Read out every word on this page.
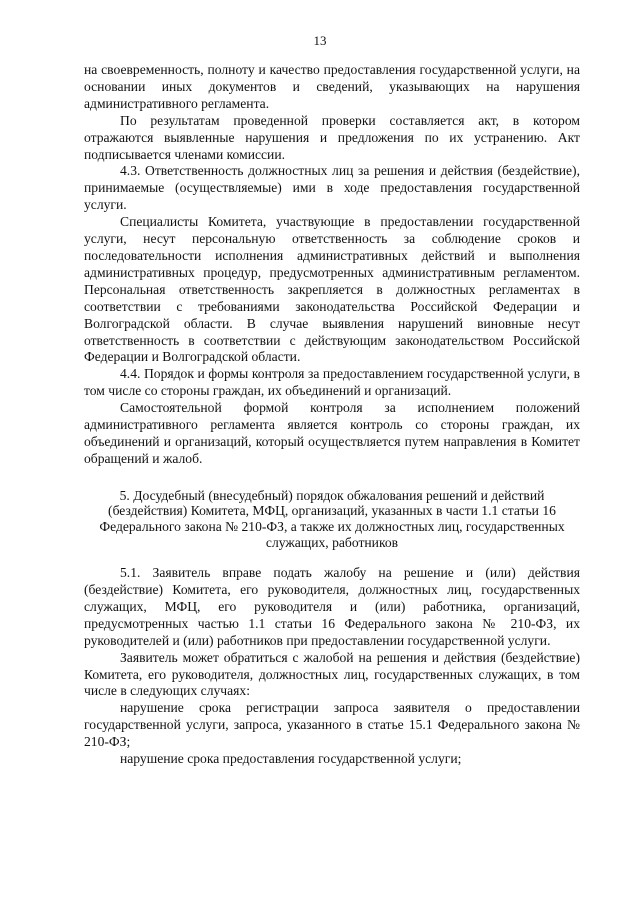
13

на своевременность, полноту и качество предоставления государственной услуги, на основании иных документов и сведений, указывающих на нарушения административного регламента.

По результатам проведенной проверки составляется акт, в котором отражаются выявленные нарушения и предложения по их устранению. Акт подписывается членами комиссии.

4.3. Ответственность должностных лиц за решения и действия (бездействие), принимаемые (осуществляемые) ими в ходе предоставления государственной услуги.

Специалисты Комитета, участвующие в предоставлении государственной услуги, несут персональную ответственность за соблюдение сроков и последовательности исполнения административных действий и выполнения административных процедур, предусмотренных административным регламентом. Персональная ответственность закрепляется в должностных регламентах в соответствии с требованиями законодательства Российской Федерации и Волгоградской области. В случае выявления нарушений виновные несут ответственность в соответствии с действующим законодательством Российской Федерации и Волгоградской области.

4.4. Порядок и формы контроля за предоставлением государственной услуги, в том числе со стороны граждан, их объединений и организаций.

Самостоятельной формой контроля за исполнением положений административного регламента является контроль со стороны граждан, их объединений и организаций, который осуществляется путем направления в Комитет обращений и жалоб.

5. Досудебный (внесудебный) порядок обжалования решений и действий (бездействия) Комитета, МФЦ, организаций, указанных в части 1.1 статьи 16 Федерального закона № 210-ФЗ, а также их должностных лиц, государственных служащих, работников

5.1. Заявитель вправе подать жалобу на решение и (или) действия (бездействие) Комитета, его руководителя, должностных лиц, государственных служащих, МФЦ, его руководителя и (или) работника, организаций, предусмотренных частью 1.1 статьи 16 Федерального закона № 210-ФЗ, их руководителей и (или) работников при предоставлении государственной услуги.

Заявитель может обратиться с жалобой на решения и действия (бездействие) Комитета, его руководителя, должностных лиц, государственных служащих, в том числе в следующих случаях:

нарушение срока регистрации запроса заявителя о предоставлении государственной услуги, запроса, указанного в статье 15.1 Федерального закона № 210-ФЗ;

нарушение срока предоставления государственной услуги;
